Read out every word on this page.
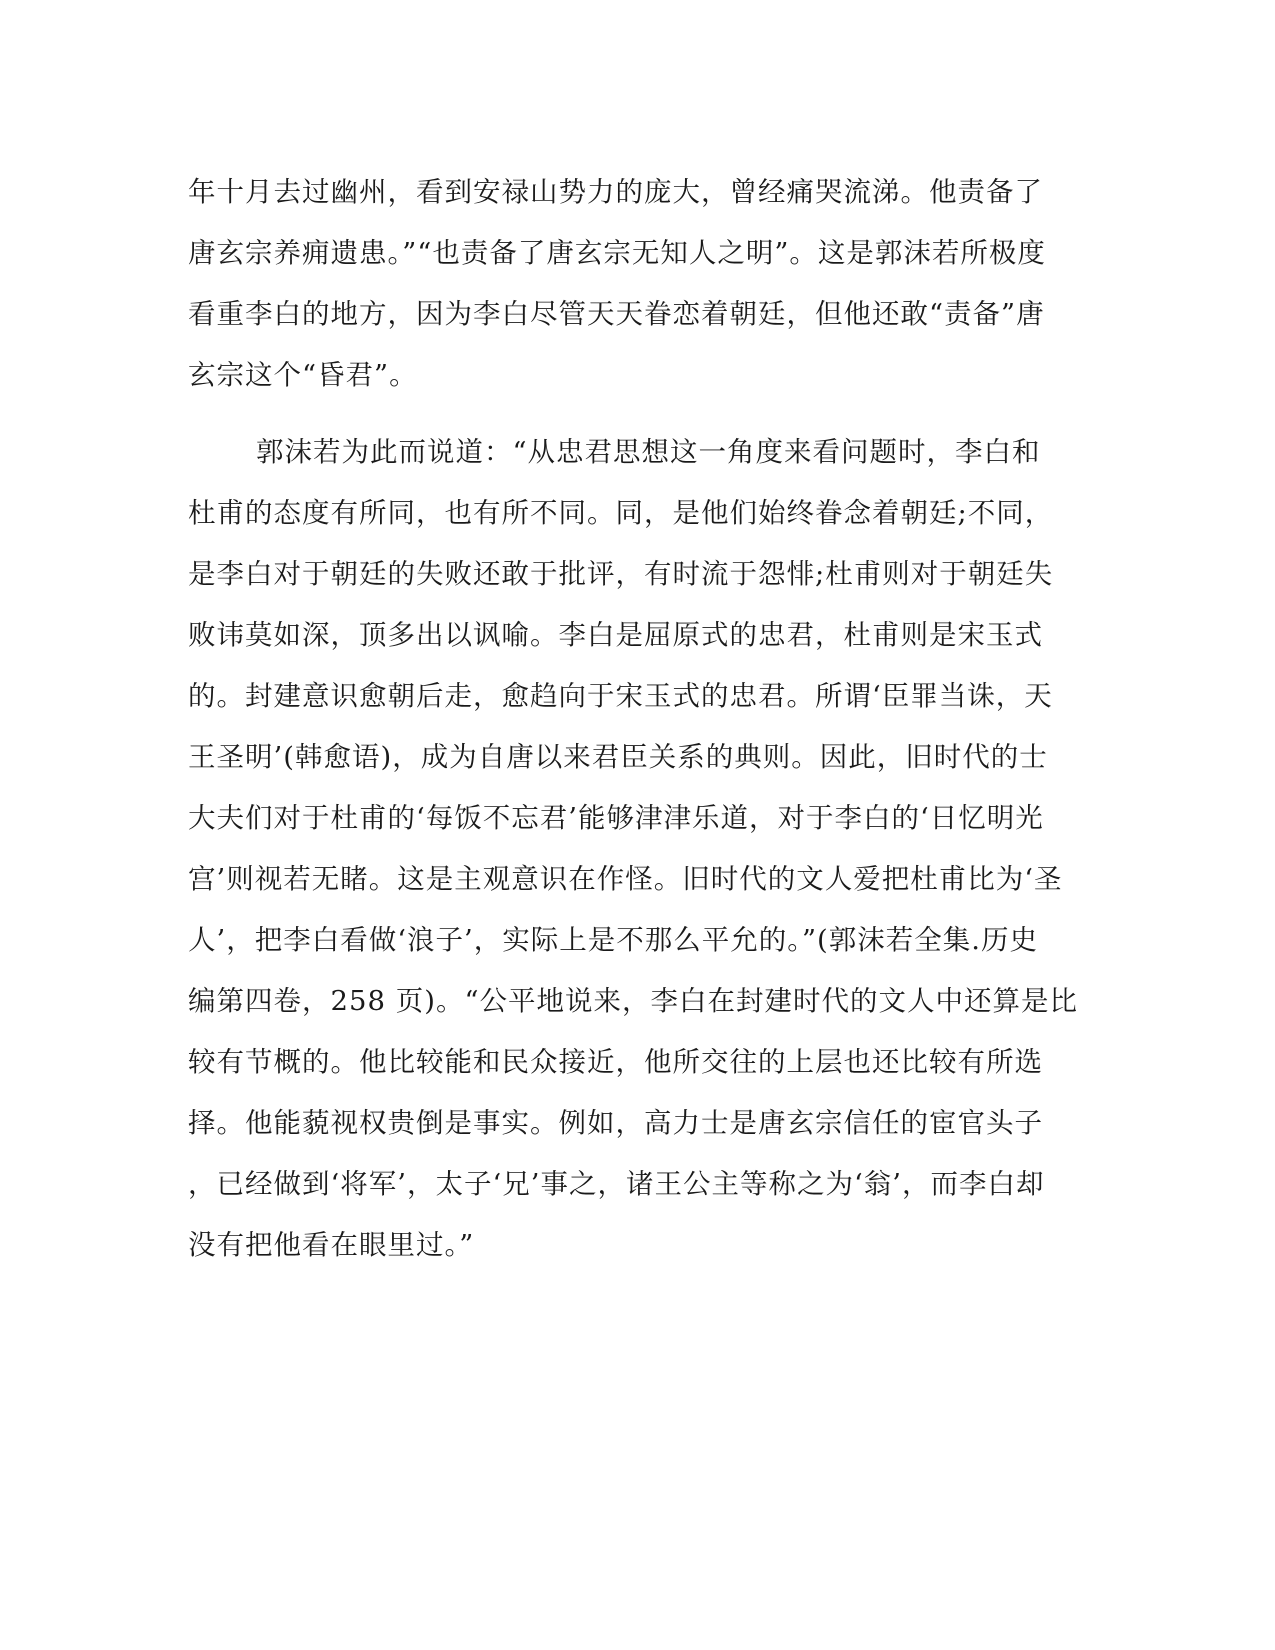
年十月去过幽州，看到安禄山势力的庞大，曾经痛哭流涕。他责备了
唐玄宗养痈遗患。”“也责备了唐玄宗无知人之明”。这是郭沫若所极度
看重李白的地方，因为李白尽管天天眷恋着朝廷，但他还敢“责备”唐
玄宗这个“昏君”。
郭沫若为此而说道：“从忠君思想这一角度来看问题时，李白和
杜甫的态度有所同，也有所不同。同，是他们始终眷念着朝廷;不同，
是李白对于朝廷的失败还敢于批评，有时流于怨悱;杜甫则对于朝廷失
败讳莫如深，顶多出以讽喻。李白是屈原式的忠君，杜甫则是宋玉式
的。封建意识愈朝后走，愈趋向于宋玉式的忠君。所谓‘臣罪当诛，天
王圣明’(韩愈语)，成为自唐以来君臣关系的典则。因此，旧时代的士
大夫们对于杜甫的‘每饭不忘君’能够津津乐道，对于李白的‘日忆明光
宫’则视若无睹。这是主观意识在作怪。旧时代的文人爱把杜甫比为‘圣
人’，把李白看做‘浪子’，实际上是不那么平允的。”(郭沫若全集.历史
编第四卷，258 页)。“公平地说来，李白在封建时代的文人中还算是比
较有节概的。他比较能和民众接近，他所交往的上层也还比较有所选
择。他能藐视权贵倒是事实。例如，高力士是唐玄宗信任的宦官头子
，已经做到‘将军’，太子‘兄’事之，诸王公主等称之为‘翁’，而李白却
没有把他看在眼里过。”
